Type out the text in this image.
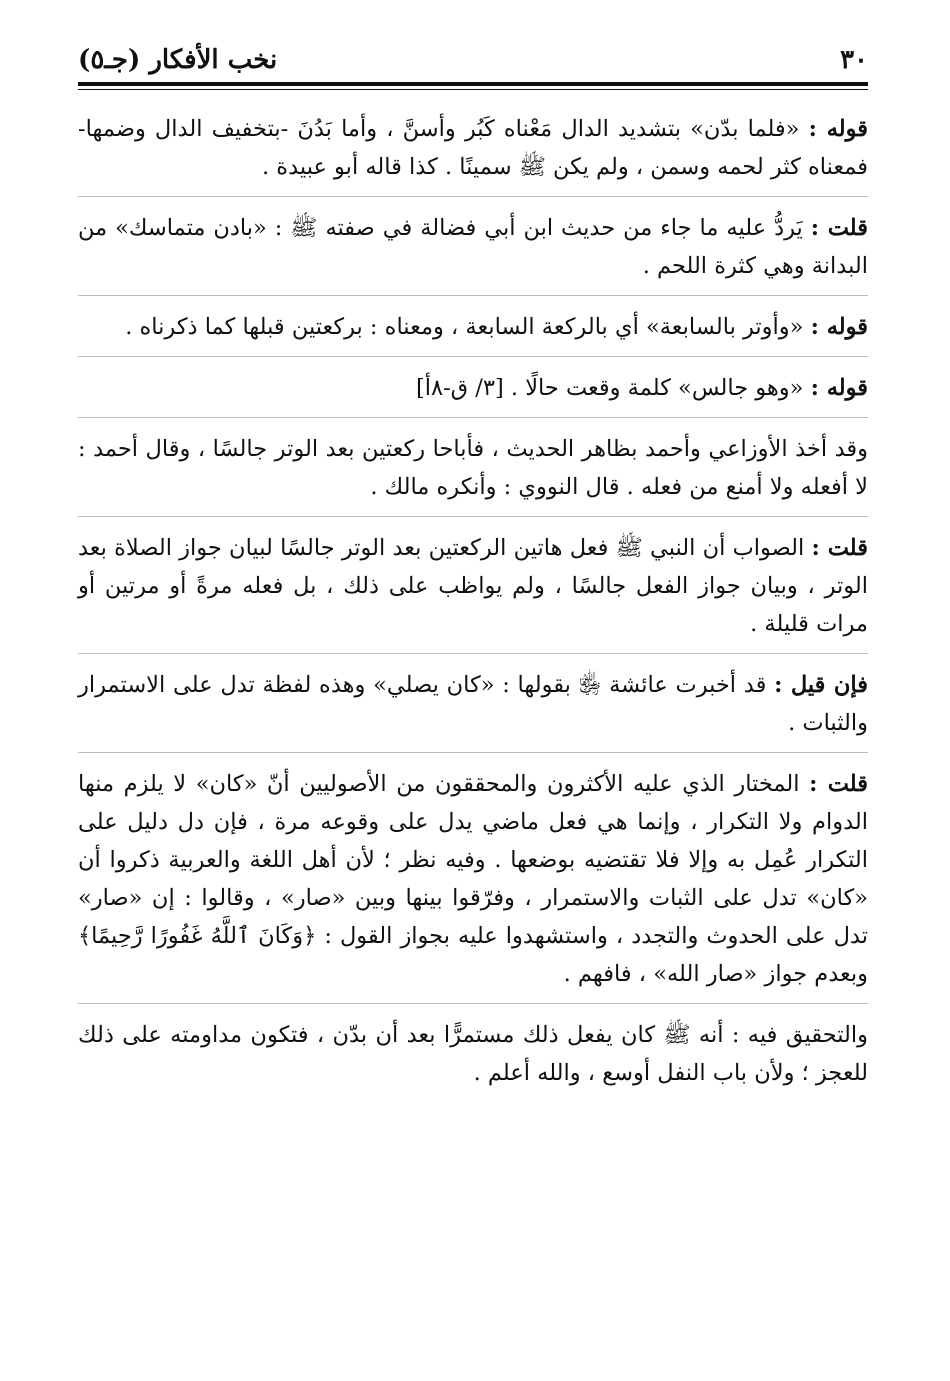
٣٠
نخب الأفكار (جـ٥)

قوله : «فلما بدّن» بتشديد الدال مَعْناه كَبُر وأسنَّ ، وأما بَدُنَ -بتخفيف الدال وضمها- فمعناه كثر لحمه وسمن ، ولم يكن ﷺ سمينًا . كذا قاله أبو عبيدة .

قلت : يَردُّ عليه ما جاء من حديث ابن أبي فضالة في صفته ﷺ : «بادن متماسك» من البدانة وهي كثرة اللحم .

قوله : «وأوتر بالسابعة» أي بالركعة السابعة ، ومعناه : بركعتين قبلها كما ذكرناه .

قوله : «وهو جالس» كلمة وقعت حالًا . [٣/ ق-٨أ]

وقد أخذ الأوزاعي وأحمد بظاهر الحديث ، فأباحا ركعتين بعد الوتر جالسًا ، وقال أحمد : لا أفعله ولا أمنع من فعله . قال النووي : وأنكره مالك .

قلت : الصواب أن النبي ﷺ فعل هاتين الركعتين بعد الوتر جالسًا لبيان جواز الصلاة بعد الوتر ، وبيان جواز الفعل جالسًا ، ولم يواظب على ذلك ، بل فعله مرةً أو مرتين أو مرات قليلة .

فإن قيل : قد أخبرت عائشة ﵂ بقولها : «كان يصلي» وهذه لفظة تدل على الاستمرار والثبات .

قلت : المختار الذي عليه الأكثرون والمحققون من الأصوليين أنّ «كان» لا يلزم منها الدوام ولا التكرار ، وإنما هي فعل ماضي يدل على وقوعه مرة ، فإن دل دليل على التكرار عُمِل به وإلا فلا تقتضيه بوضعها . وفيه نظر ؛ لأن أهل اللغة والعربية ذكروا أن «كان» تدل على الثبات والاستمرار ، وفرّقوا بينها وبين «صار» ، وقالوا : إن «صار» تدل على الحدوث والتجدد ، واستشهدوا عليه بجواز القول : ﴿وَكَانَ ٱللَّهُ غَفُورًا رَّحِيمًا﴾ وبعدم جواز «صار الله» ، فافهم .

والتحقيق فيه : أنه ﷺ كان يفعل ذلك مستمرًّا بعد أن بدّن ، فتكون مداومته على ذلك للعجز ؛ ولأن باب النفل أوسع ، والله أعلم .
